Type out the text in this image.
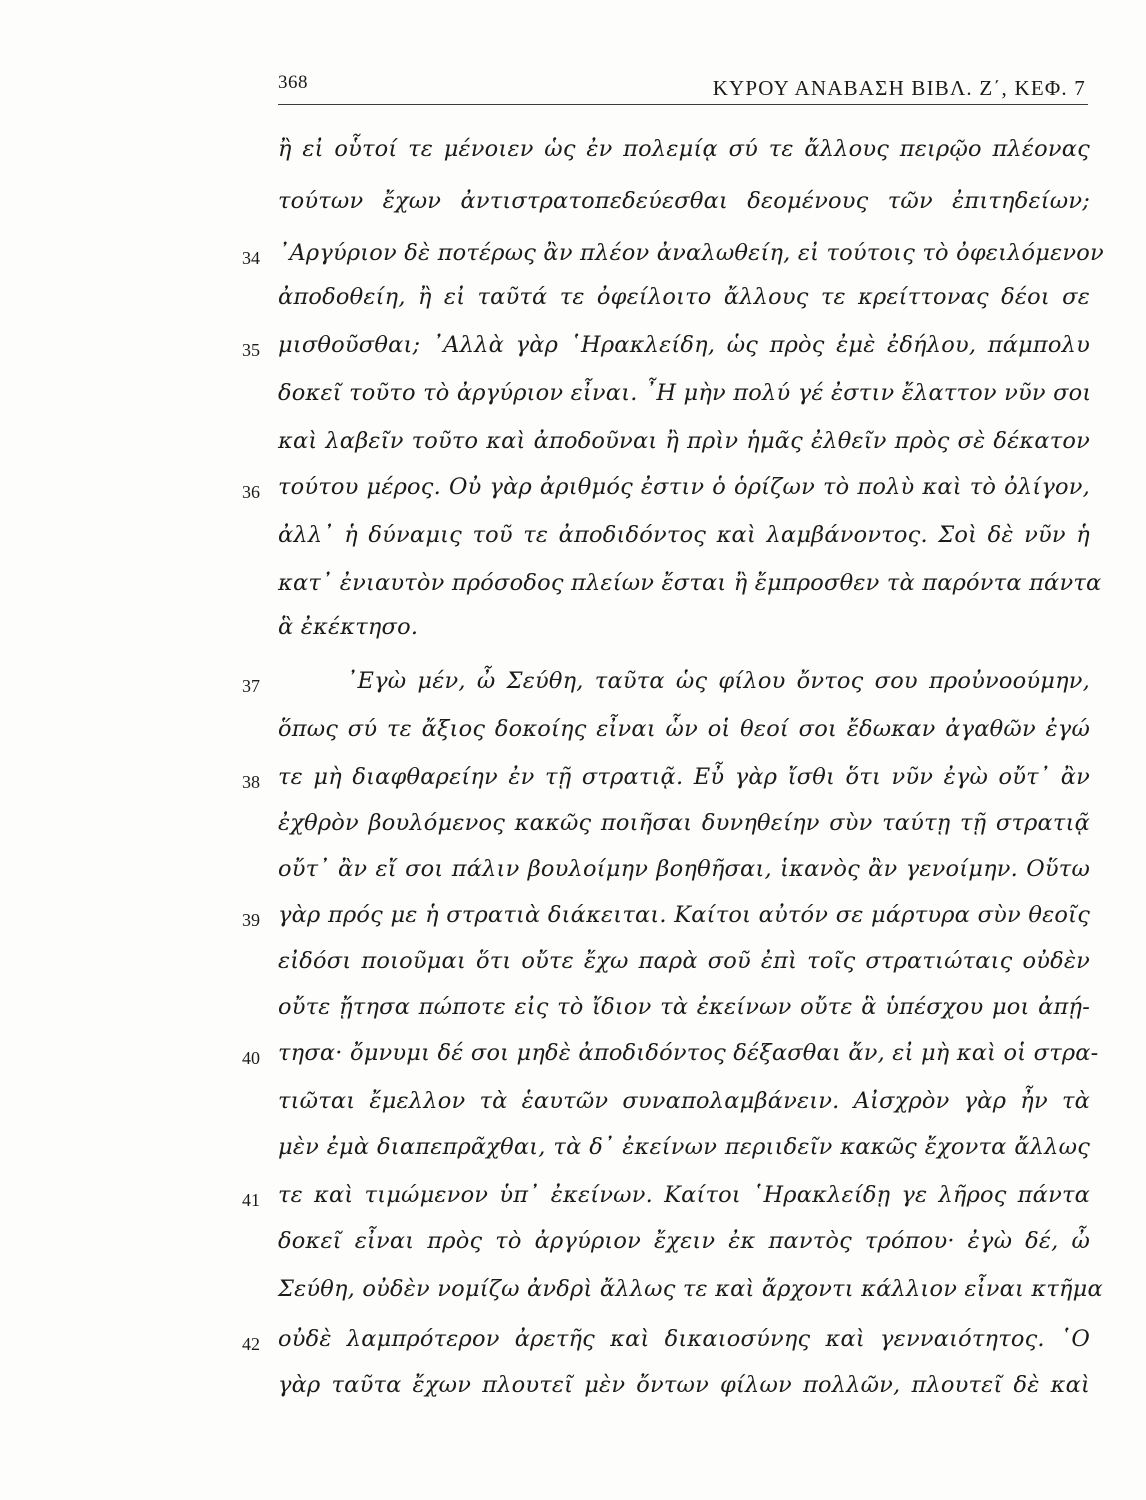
368	ΚΥΡΟΥ ΑΝΑΒΑΣΗ ΒΙΒΛ. Ζ΄, ΚΕΦ. 7
ἢ εἰ οὗτοί τε μένοιεν ὡς ἐν πολεμίᾳ σύ τε ἄλλους πειρῷο πλέονας
τούτων ἔχων ἀντιστρατοπεδεύεσθαι δεομένους τῶν ἐπιτηδείων;
34 ᾿Αργύριον δὲ ποτέρως ἂν πλέον ἀναλωθείη, εἰ τούτοις τὸ ὀφειλόμενον
ἀποδοθείη, ἢ εἰ ταῦτά τε ὀφείλοιτο ἄλλους τε κρείττονας δέοι σε
35 μισθοῦσθαι; ᾿Αλλὰ γὰρ ῾Ηρακλείδη, ὡς πρὸς ἐμὲ ἐδήλου, πάμπολυ
δοκεῖ τοῦτο τὸ ἀργύριον εἶναι. ῏Η μὴν πολύ γέ ἐστιν ἔλαττον νῦν σοι
καὶ λαβεῖν τοῦτο καὶ ἀποδοῦναι ἢ πρὶν ἡμᾶς ἐλθεῖν πρὸς σὲ δέκατον
36 τούτου μέρος. Οὐ γὰρ ἀριθμός ἐστιν ὁ ὁρίζων τὸ πολὺ καὶ τὸ ὀλίγον,
ἀλλ᾿ ἡ δύναμις τοῦ τε ἀποδιδόντος καὶ λαμβάνοντος. Σοὶ δὲ νῦν ἡ
κατ᾿ ἐνιαυτὸν πρόσοδος πλείων ἔσται ἢ ἔμπροσθεν τὰ παρόντα πάντα
ἃ ἐκέκτησο.
37	᾿Εγὼ μέν, ὦ Σεύθη, ταῦτα ὡς φίλου ὄντος σου προὐνοούμην,
ὅπως σύ τε ἄξιος δοκοίης εἶναι ὧν οἱ θεοί σοι ἔδωκαν ἀγαθῶν ἐγώ
38 τε μὴ διαφθαρείην ἐν τῇ στρατιᾷ. Εὖ γὰρ ἴσθι ὅτι νῦν ἐγὼ οὔτ᾿ ἂν
ἐχθρὸν βουλόμενος κακῶς ποιῆσαι δυνηθείην σὺν ταύτῃ τῇ στρατιᾷ
οὔτ᾿ ἂν εἴ σοι πάλιν βουλοίμην βοηθῆσαι, ἱκανὸς ἂν γενοίμην. Οὕτω
39 γὰρ πρός με ἡ στρατιὰ διάκειται. Καίτοι αὐτόν σε μάρτυρα σὺν θεοῖς
εἰδόσι ποιοῦμαι ὅτι οὔτε ἔχω παρὰ σοῦ ἐπὶ τοῖς στρατιώταις οὐδὲν
οὔτε ᾔτησα πώποτε εἰς τὸ ἴδιον τὰ ἐκείνων οὔτε ἃ ὑπέσχου μοι ἀπῄ-
40 τησα· ὄμνυμι δέ σοι μηδὲ ἀποδιδόντος δέξασθαι ἄν, εἰ μὴ καὶ οἱ στρα-
τιῶται ἔμελλον τὰ ἑαυτῶν συναπολαμβάνειν. Αἰσχρὸν γὰρ ἦν τὰ
μὲν ἐμὰ διαπεπρᾶχθαι, τὰ δ᾿ ἐκείνων περιιδεῖν κακῶς ἔχοντα ἄλλως
41 τε καὶ τιμώμενον ὑπ᾿ ἐκείνων. Καίτοι ῾Ηρακλείδῃ γε λῆρος πάντα
δοκεῖ εἶναι πρὸς τὸ ἀργύριον ἔχειν ἐκ παντὸς τρόπου· ἐγὼ δέ, ὦ
Σεύθη, οὐδὲν νομίζω ἀνδρὶ ἄλλως τε καὶ ἄρχοντι κάλλιον εἶναι κτῆμα
42 οὐδὲ λαμπρότερον ἀρετῆς καὶ δικαιοσύνης καὶ γενναιότητος. ῾Ο
γὰρ ταῦτα ἔχων πλουτεῖ μὲν ὄντων φίλων πολλῶν, πλουτεῖ δὲ καὶ
